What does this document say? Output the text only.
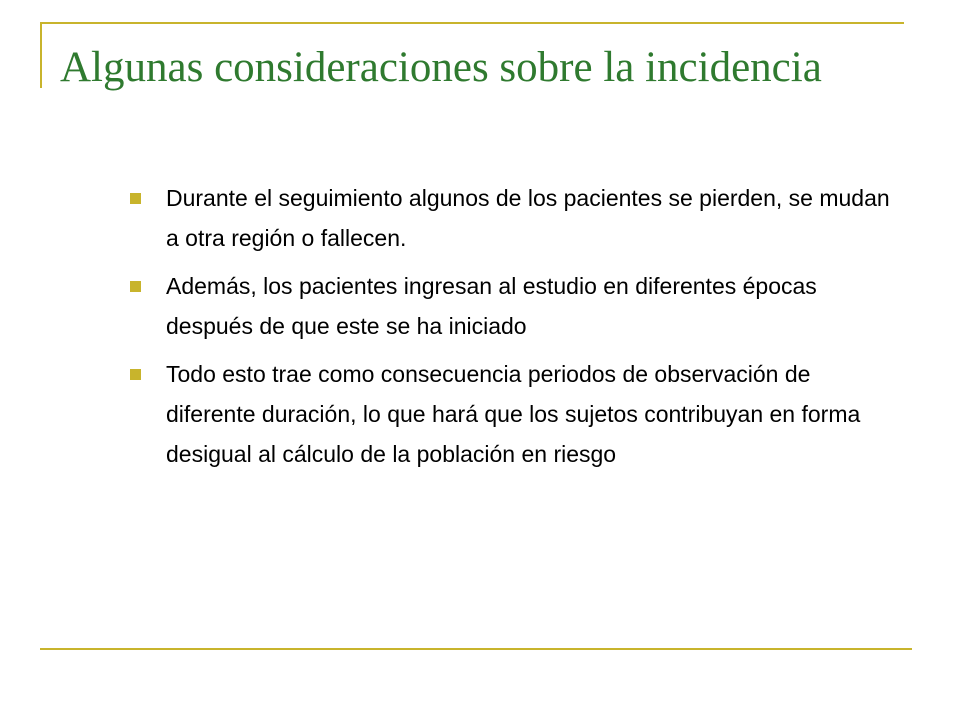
Algunas consideraciones sobre la incidencia
Durante el seguimiento algunos de los pacientes se pierden, se mudan a otra región o fallecen.
Además, los pacientes ingresan al estudio en diferentes épocas después de que este se ha iniciado
Todo esto trae como consecuencia periodos de observación de diferente duración, lo que hará que los sujetos contribuyan en forma desigual al cálculo de la población en riesgo
